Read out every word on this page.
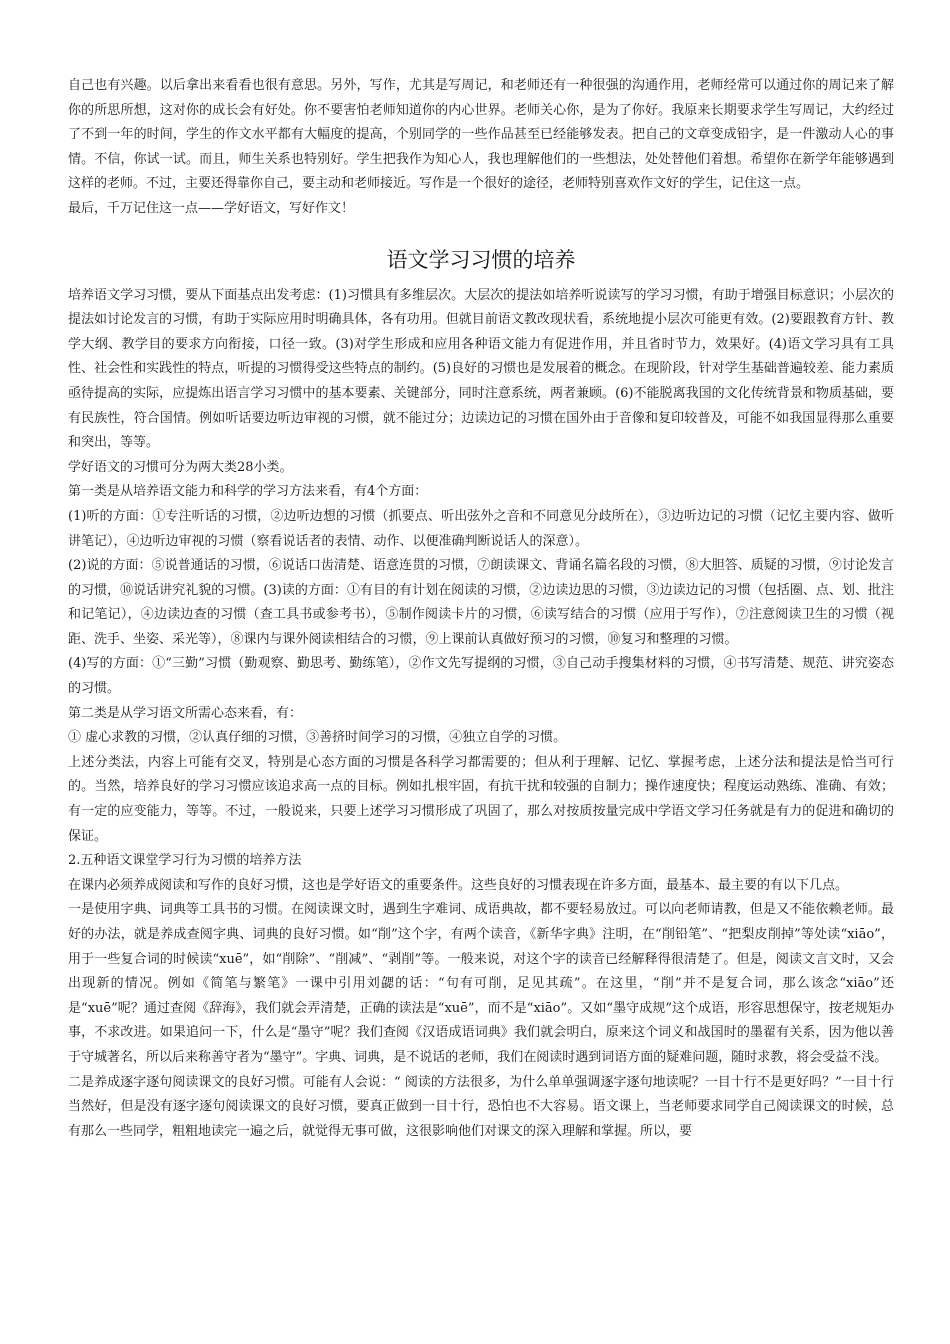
自己也有兴趣。以后拿出来看看也很有意思。另外，写作，尤其是写周记，和老师还有一种很强的沟通作用，老师经常可以通过你的周记来了解你的所思所想，这对你的成长会有好处。你不要害怕老师知道你的内心世界。老师关心你，是为了你好。我原来长期要求学生写周记，大约经过了不到一年的时间，学生的作文水平都有大幅度的提高，个别同学的一些作品甚至已经能够发表。把自己的文章变成铅字，是一件激动人心的事情。不信，你试一试。而且，师生关系也特别好。学生把我作为知心人，我也理解他们的一些想法，处处替他们着想。希望你在新学年能够遇到这样的老师。不过，主要还得靠你自己，要主动和老师接近。写作是一个很好的途径，老师特别喜欢作文好的学生，记住这一点。

最后，千万记住这一点——学好语文，写好作文！

语文学习习惯的培养

培养语文学习习惯，要从下面基点出发考虑：(1)习惯具有多维层次。大层次的提法如培养听说读写的学习习惯，有助于增强目标意识；小层次的提法如讨论发言的习惯，有助于实际应用时明确具体，各有功用。但就目前语文教改现状看，系统地提小层次可能更有效。(2)要跟教育方针、教学大纲、教学目的要求方向衔接，口径一致。(3)对学生形成和应用各种语文能力有促进作用，并且省时节力，效果好。(4)语文学习具有工具性、社会性和实践性的特点，听提的习惯得受这些特点的制约。(5)良好的习惯也是发展着的概念。在现阶段，针对学生基础普遍较差、能力素质亟待提高的实际，应提炼出语言学习习惯中的基本要素、关键部分，同时注意系统，两者兼顾。(6)不能脱离我国的文化传统背景和物质基础，要有民族性，符合国情。例如听话要边听边审视的习惯，就不能过分；边读边记的习惯在国外由于音像和复印较普及，可能不如我国显得那么重要和突出，等等。

学好语文的习惯可分为两大类28小类。

第一类是从培养语文能力和科学的学习方法来看，有4个方面：

(1)听的方面：①专注听话的习惯，②边听边想的习惯（抓要点、听出弦外之音和不同意见分歧所在），③边听边记的习惯（记忆主要内容、做听讲笔记），④边听边审视的习惯（察看说话者的表情、动作、以便准确判断说话人的深意）。

(2)说的方面：⑤说普通话的习惯，⑥说话口齿清楚、语意连贯的习惯，⑦朗读课文、背诵名篇名段的习惯，⑧大胆答、质疑的习惯，⑨讨论发言的习惯，⑩说话讲究礼貌的习惯。(3)读的方面：①有目的有计划在阅读的习惯，②边读边思的习惯，③边读边记的习惯（包括圈、点、划、批注和记笔记），④边读边查的习惯（查工具书或参考书），⑤制作阅读卡片的习惯，⑥读写结合的习惯（应用于写作），⑦注意阅读卫生的习惯（视距、洗手、坐姿、采光等），⑧课内与课外阅读相结合的习惯，⑨上课前认真做好预习的习惯，⑩复习和整理的习惯。

(4)写的方面：①“三勤”习惯（勤观察、勤思考、勤练笔），②作文先写提纲的习惯，③自己动手搜集材料的习惯，④书写清楚、规范、讲究姿态的习惯。

第二类是从学习语文所需心态来看，有：

① 虚心求教的习惯，②认真仔细的习惯，③善挤时间学习的习惯，④独立自学的习惯。

上述分类法，内容上可能有交叉，特别是心态方面的习惯是各科学习都需要的；但从利于理解、记忆、掌握考虑，上述分法和提法是恰当可行的。当然，培养良好的学习习惯应该追求高一点的目标。例如扎根牢固，有抗干扰和较强的自制力；操作速度快；程度运动熟练、准确、有效；有一定的应变能力，等等。不过，一般说来，只要上述学习习惯形成了巩固了，那么对按质按量完成中学语文学习任务就是有力的促进和确切的保证。

2.五种语文课堂学习行为习惯的培养方法

在课内必须养成阅读和写作的良好习惯，这也是学好语文的重要条件。这些良好的习惯表现在许多方面，最基本、最主要的有以下几点。

一是使用字典、词典等工具书的习惯。在阅读课文时，遇到生字难词、成语典故，都不要轻易放过。可以向老师请教，但是又不能依赖老师。最好的办法，就是养成查阅字典、词典的良好习惯。如“削”这个字，有两个读音，《新华字典》注明，在“削铅笔”、“把梨皮削掉”等处读“xiāo”，用于一些复合词的时候读“xuē”，如“削除”、“削减”、“剥削”等。一般来说，对这个字的读音已经解释得很清楚了。但是，阅读文言文时，又会出现新的情况。例如《简笔与繁笔》一课中引用刘勰的话：“句有可削，足见其疏”。在这里，“削”并不是复合词，那么该念“xiāo”还是“xuē”呢？通过查阅《辞海》，我们就会弄清楚，正确的读法是“xuē”，而不是“xiāo”。又如“墨守成规”这个成语，形容思想保守，按老规矩办事，不求改进。如果追问一下，什么是“墨守”呢？我们查阅《汉语成语词典》我们就会明白，原来这个词义和战国时的墨翟有关系，因为他以善于守城著名，所以后来称善守者为“墨守”。字典、词典，是不说话的老师，我们在阅读时遇到词语方面的疑难问题，随时求教，将会受益不浅。

二是养成逐字逐句阅读课文的良好习惯。可能有人会说：“ 阅读的方法很多，为什么单单强调逐字逐句地读呢？一目十行不是更好吗？”一目十行当然好，但是没有逐字逐句阅读课文的良好习惯，要真正做到一目十行，恐怕也不大容易。语文课上，当老师要求同学自己阅读课文的时候，总有那么一些同学，粗粗地读完一遍之后，就觉得无事可做，这很影响他们对课文的深入理解和掌握。所以，要
